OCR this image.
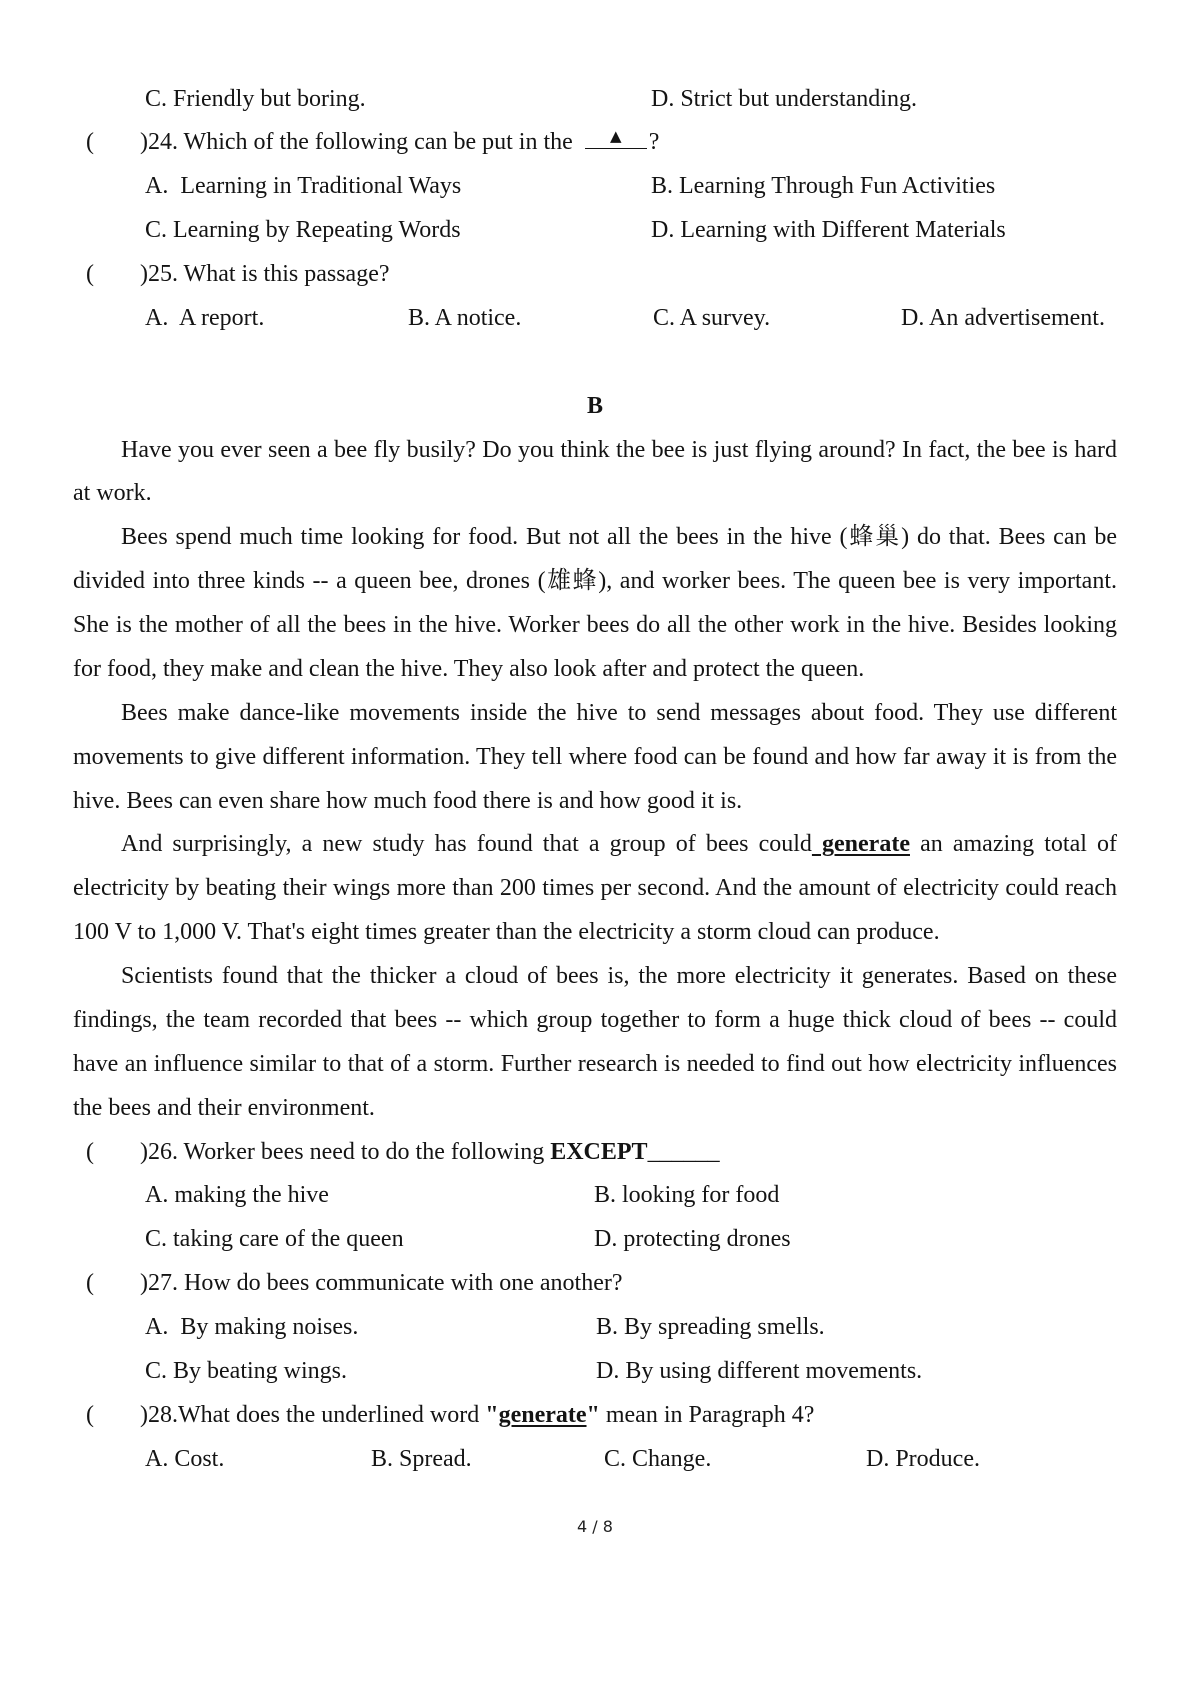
C. Friendly but boring.	D. Strict but understanding.
( )24. Which of the following can be put in the	▲	?
A.  Learning in Traditional Ways	B. Learning Through Fun Activities
C. Learning by Repeating Words	D. Learning with Different Materials
( )25. What is this passage?
A.  A report.	B. A notice.	C. A survey.	D. An advertisement.
B
Have you ever seen a bee fly busily? Do you think the bee is just flying around? In fact, the bee is hard
at work.
Bees spend much time looking for food. But not all the bees in the hive (蜂巢) do that. Bees can be
divided into three kinds -- a queen bee, drones (雄蜂), and worker bees. The queen bee is very important.
She is the mother of all the bees in the hive. Worker bees do all the other work in the hive. Besides looking
for food, they make and clean the hive. They also look after and protect the queen.
Bees make dance-like movements inside the hive to send messages about food. They use different
movements to give different information. They tell where food can be found and how far away it is from the
hive. Bees can even share how much food there is and how good it is.
And surprisingly, a new study has found that a group of bees could generate an amazing total of
electricity by beating their wings more than 200 times per second. And the amount of electricity could reach
100 V to 1,000 V. That's eight times greater than the electricity a storm cloud can produce.
Scientists found that the thicker a cloud of bees is, the more electricity it generates. Based on these
findings, the team recorded that bees -- which group together to form a huge thick cloud of bees -- could
have an influence similar to that of a storm. Further research is needed to find out how electricity influences
the bees and their environment.
( )26. Worker bees need to do the following EXCEPT______
A. making the hive	B. looking for food
C. taking care of the queen	D. protecting drones
( )27. How do bees communicate with one another?
A.  By making noises.	B. By spreading smells.
C. By beating wings.	D. By using different movements.
( )28.What does the underlined word "generate" mean in Paragraph 4?
A. Cost.	B. Spread.	C. Change.	D. Produce.
4 / 8
